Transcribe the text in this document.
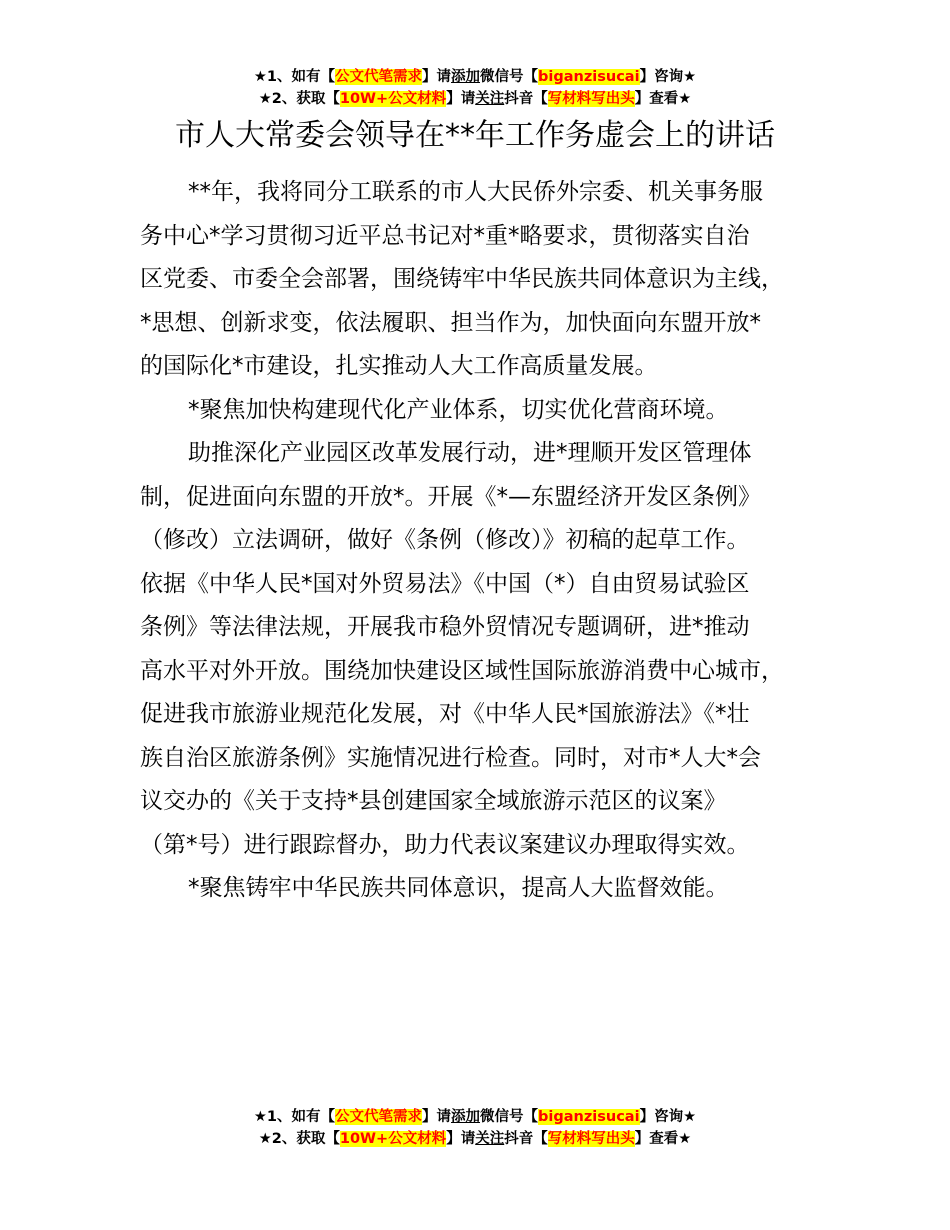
★1、如有【公文代笔需求】请添加微信号【biganzisucai】咨询★
★2、获取【10W+公文材料】请关注抖音【写材料写出头】查看★
市人大常委会领导在**年工作务虚会上的讲话

**年，我将同分工联系的市人大民侨外宗委、机关事务服
务中心*学习贯彻习近平总书记对*重*略要求，贯彻落实自治
区党委、市委全会部署，围绕铸牢中华民族共同体意识为主线，
*思想、创新求变，依法履职、担当作为，加快面向东盟开放*
的国际化*市建设，扎实推动人大工作高质量发展。

*聚焦加快构建现代化产业体系，切实优化营商环境。

助推深化产业园区改革发展行动，进*理顺开发区管理体
制，促进面向东盟的开放*。开展《*—东盟经济开发区条例》
（修改）立法调研，做好《条例（修改）》初稿的起草工作。
依据《中华人民*国对外贸易法》《中国（*）自由贸易试验区
条例》等法律法规，开展我市稳外贸情况专题调研，进*推动
高水平对外开放。围绕加快建设区域性国际旅游消费中心城市，
促进我市旅游业规范化发展，对《中华人民*国旅游法》《*壮
族自治区旅游条例》实施情况进行检查。同时，对市*人大*会
议交办的《关于支持*县创建国家全域旅游示范区的议案》
（第*号）进行跟踪督办，助力代表议案建议办理取得实效。

*聚焦铸牢中华民族共同体意识，提高人大监督效能。

★1、如有【公文代笔需求】请添加微信号【biganzisucai】咨询★
★2、获取【10W+公文材料】请关注抖音【写材料写出头】查看★
